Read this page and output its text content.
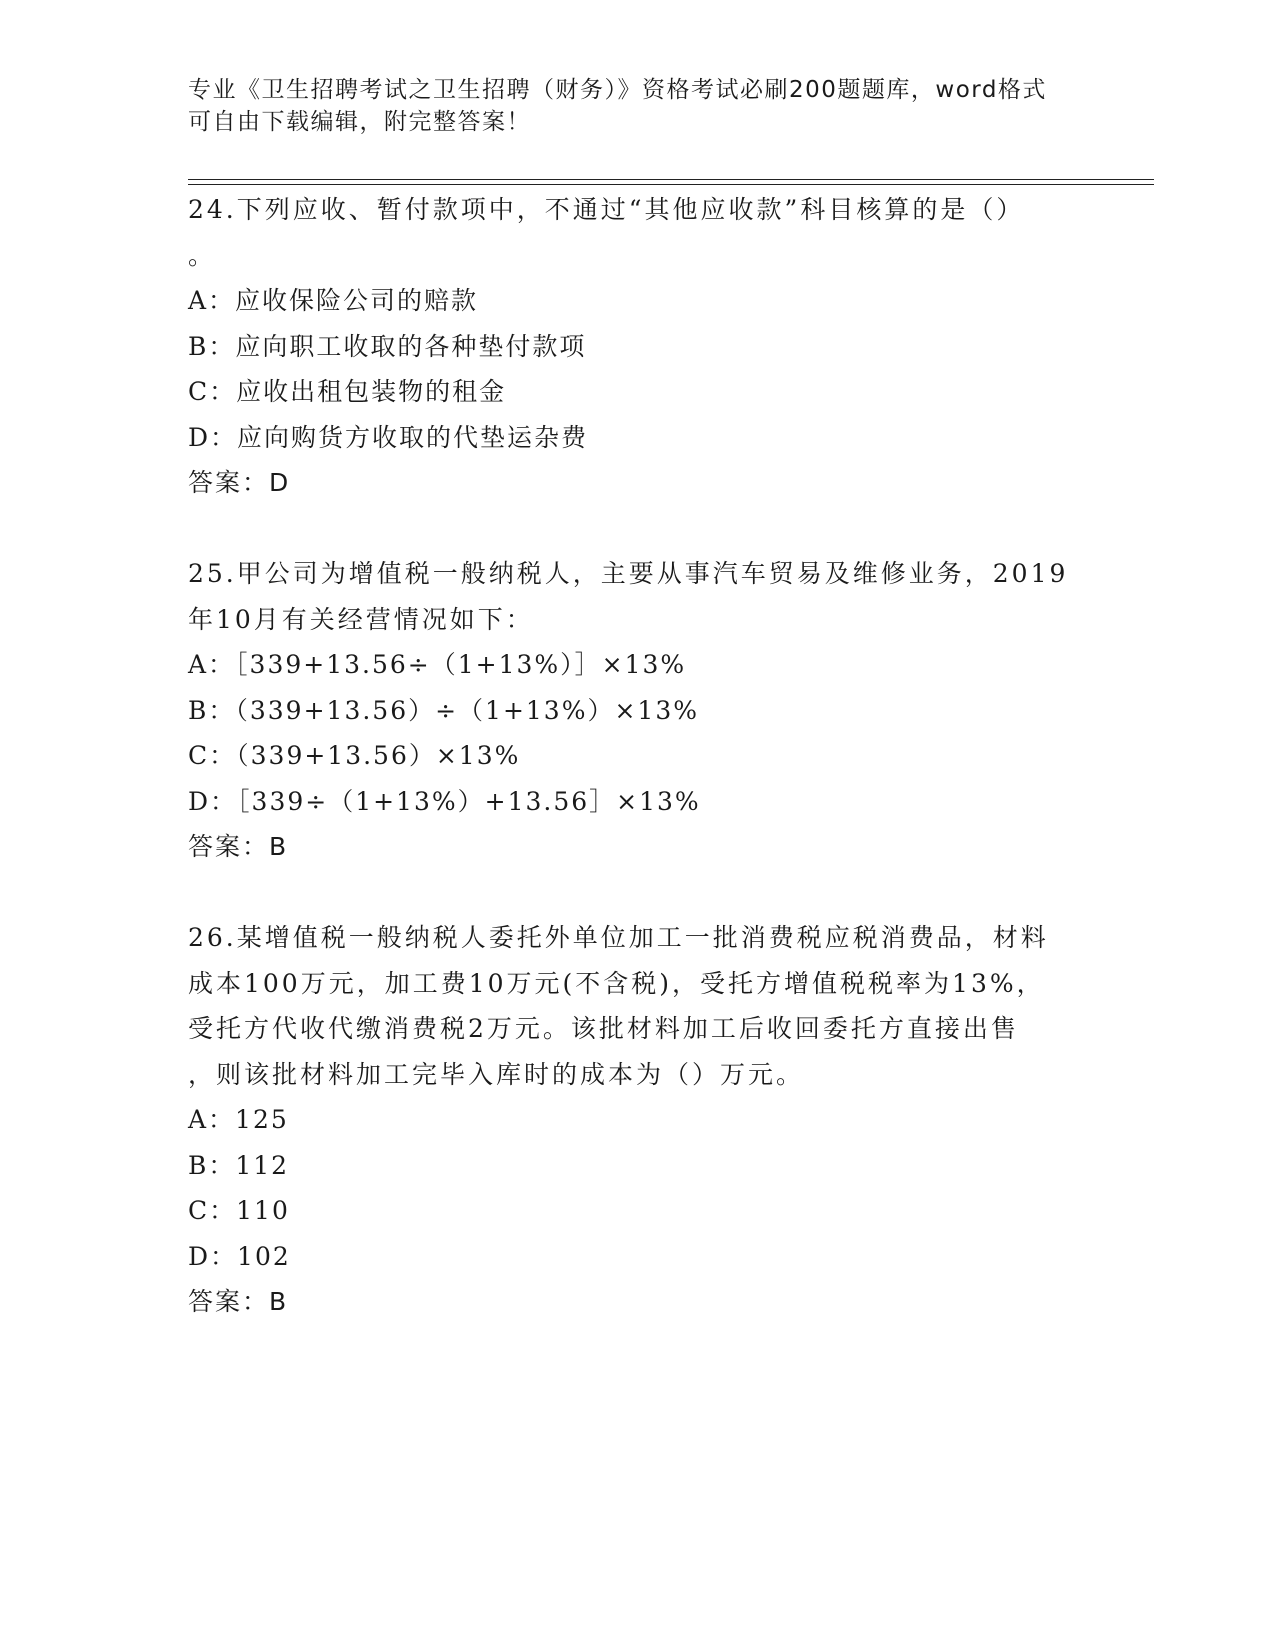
专业《卫生招聘考试之卫生招聘（财务）》资格考试必刷200题题库，word格式
可自由下载编辑，附完整答案！
24.下列应收、暂付款项中，不通过“其他应收款”科目核算的是（）
。
A：应收保险公司的赔款
B：应向职工收取的各种垫付款项
C：应收出租包装物的租金
D：应向购货方收取的代垫运杂费
答案：D
25.甲公司为增值税一般纳税人，主要从事汽车贸易及维修业务，2019
年10月有关经营情况如下：
A：［339+13.56÷（1+13%）］×13%
B：（339+13.56）÷（1+13%）×13%
C：（339+13.56）×13%
D：［339÷（1+13%）+13.56］×13%
答案：B
26.某增值税一般纳税人委托外单位加工一批消费税应税消费品，材料
成本100万元，加工费10万元(不含税)，受托方增值税税率为13%，
受托方代收代缴消费税2万元。该批材料加工后收回委托方直接出售
，则该批材料加工完毕入库时的成本为（）万元。
A：125
B：112
C：110
D：102
答案：B
